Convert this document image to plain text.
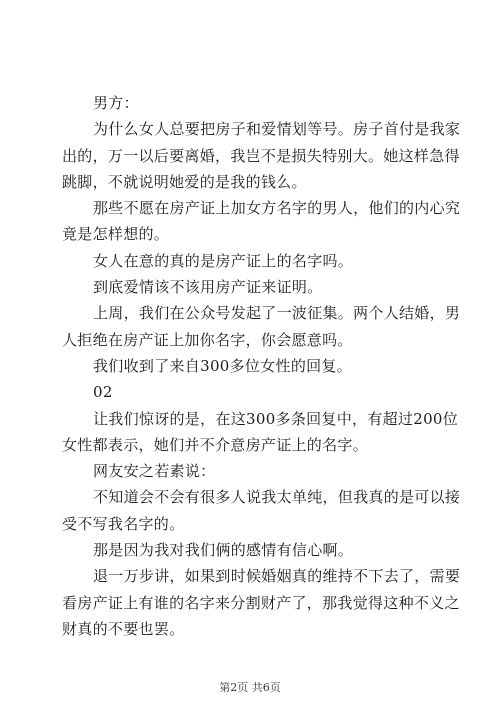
男方：

为什么女人总要把房子和爱情划等号。房子首付是我家出的，万一以后要离婚，我岂不是损失特别大。她这样急得跳脚，不就说明她爱的是我的钱么。

那些不愿在房产证上加女方名字的男人，他们的内心究竟是怎样想的。

女人在意的真的是房产证上的名字吗。

到底爱情该不该用房产证来证明。

上周，我们在公众号发起了一波征集。两个人结婚，男人拒绝在房产证上加你名字，你会愿意吗。

我们收到了来自300多位女性的回复。

02

让我们惊讶的是，在这300多条回复中，有超过200位女性都表示，她们并不介意房产证上的名字。

网友安之若素说：

不知道会不会有很多人说我太单纯，但我真的是可以接受不写我名字的。

那是因为我对我们俩的感情有信心啊。

退一万步讲，如果到时候婚姻真的维持不下去了，需要看房产证上有谁的名字来分割财产了，那我觉得这种不义之财真的不要也罢。

第2页 共6页
